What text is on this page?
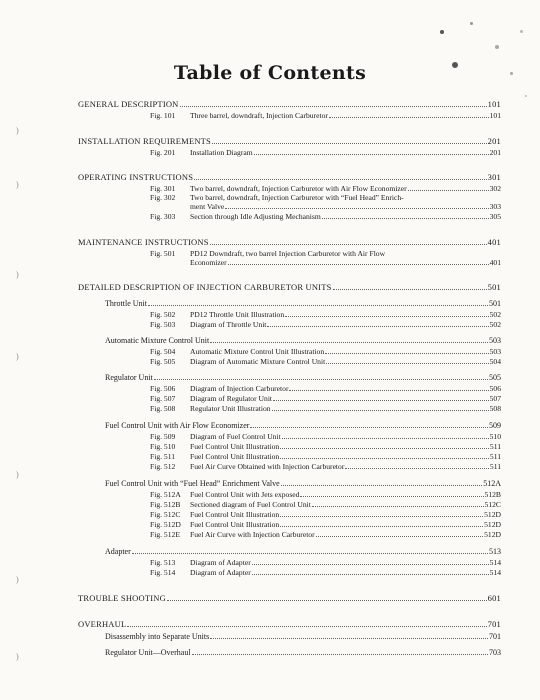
)
)
)
)
)
)
)
Table of Contents
GENERAL DESCRIPTION	101
Fig. 101	Three barrel, downdraft, Injection Carburetor	101
INSTALLATION REQUIREMENTS	201
Fig. 201	Installation Diagram	201
OPERATING INSTRUCTIONS	301
Fig. 301	Two barrel, downdraft, Injection Carburetor with Air Flow Economizer	302
Fig. 302	Two barrel, downdraft, Injection Carburetor with “Fuel Head” Enrich-
ment Valve	303
Fig. 303	Section through Idle Adjusting Mechanism	305
MAINTENANCE INSTRUCTIONS	401
Fig. 501	PD12 Downdraft, two barrel Injection Carburetor with Air Flow
Economizer	401
DETAILED DESCRIPTION OF INJECTION CARBURETOR UNITS	501
Throttle Unit	501
Fig. 502	PD12 Throttle Unit Illustration	502
Fig. 503	Diagram of Throttle Unit	502
Automatic Mixture Control Unit	503
Fig. 504	Automatic Mixture Control Unit Illustration	503
Fig. 505	Diagram of Automatic Mixture Control Unit	504
Regulator Unit	505
Fig. 506	Diagram of Injection Carburetor	506
Fig. 507	Diagram of Regulator Unit	507
Fig. 508	Regulator Unit Illustration	508
Fuel Control Unit with Air Flow Economizer	509
Fig. 509	Diagram of Fuel Control Unit	510
Fig. 510	Fuel Control Unit Illustration	511
Fig. 511	Fuel Control Unit Illustration	511
Fig. 512	Fuel Air Curve Obtained with Injection Carburetor	511
Fuel Control Unit with “Fuel Head” Enrichment Valve	512A
Fig. 512A	Fuel Control Unit with Jets exposed	512B
Fig. 512B	Sectioned diagram of Fuel Control Unit	512C
Fig. 512C	Fuel Control Unit Illustration	512D
Fig. 512D	Fuel Control Unit Illustration	512D
Fig. 512E	Fuel Air Curve with Injection Carburetor	512D
Adapter	513
Fig. 513	Diagram of Adapter	514
Fig. 514	Diagram of Adapter	514
TROUBLE SHOOTING	601
OVERHAUL	701
Disassembly into Separate Units	701
Regulator Unit—Overhaul	703
